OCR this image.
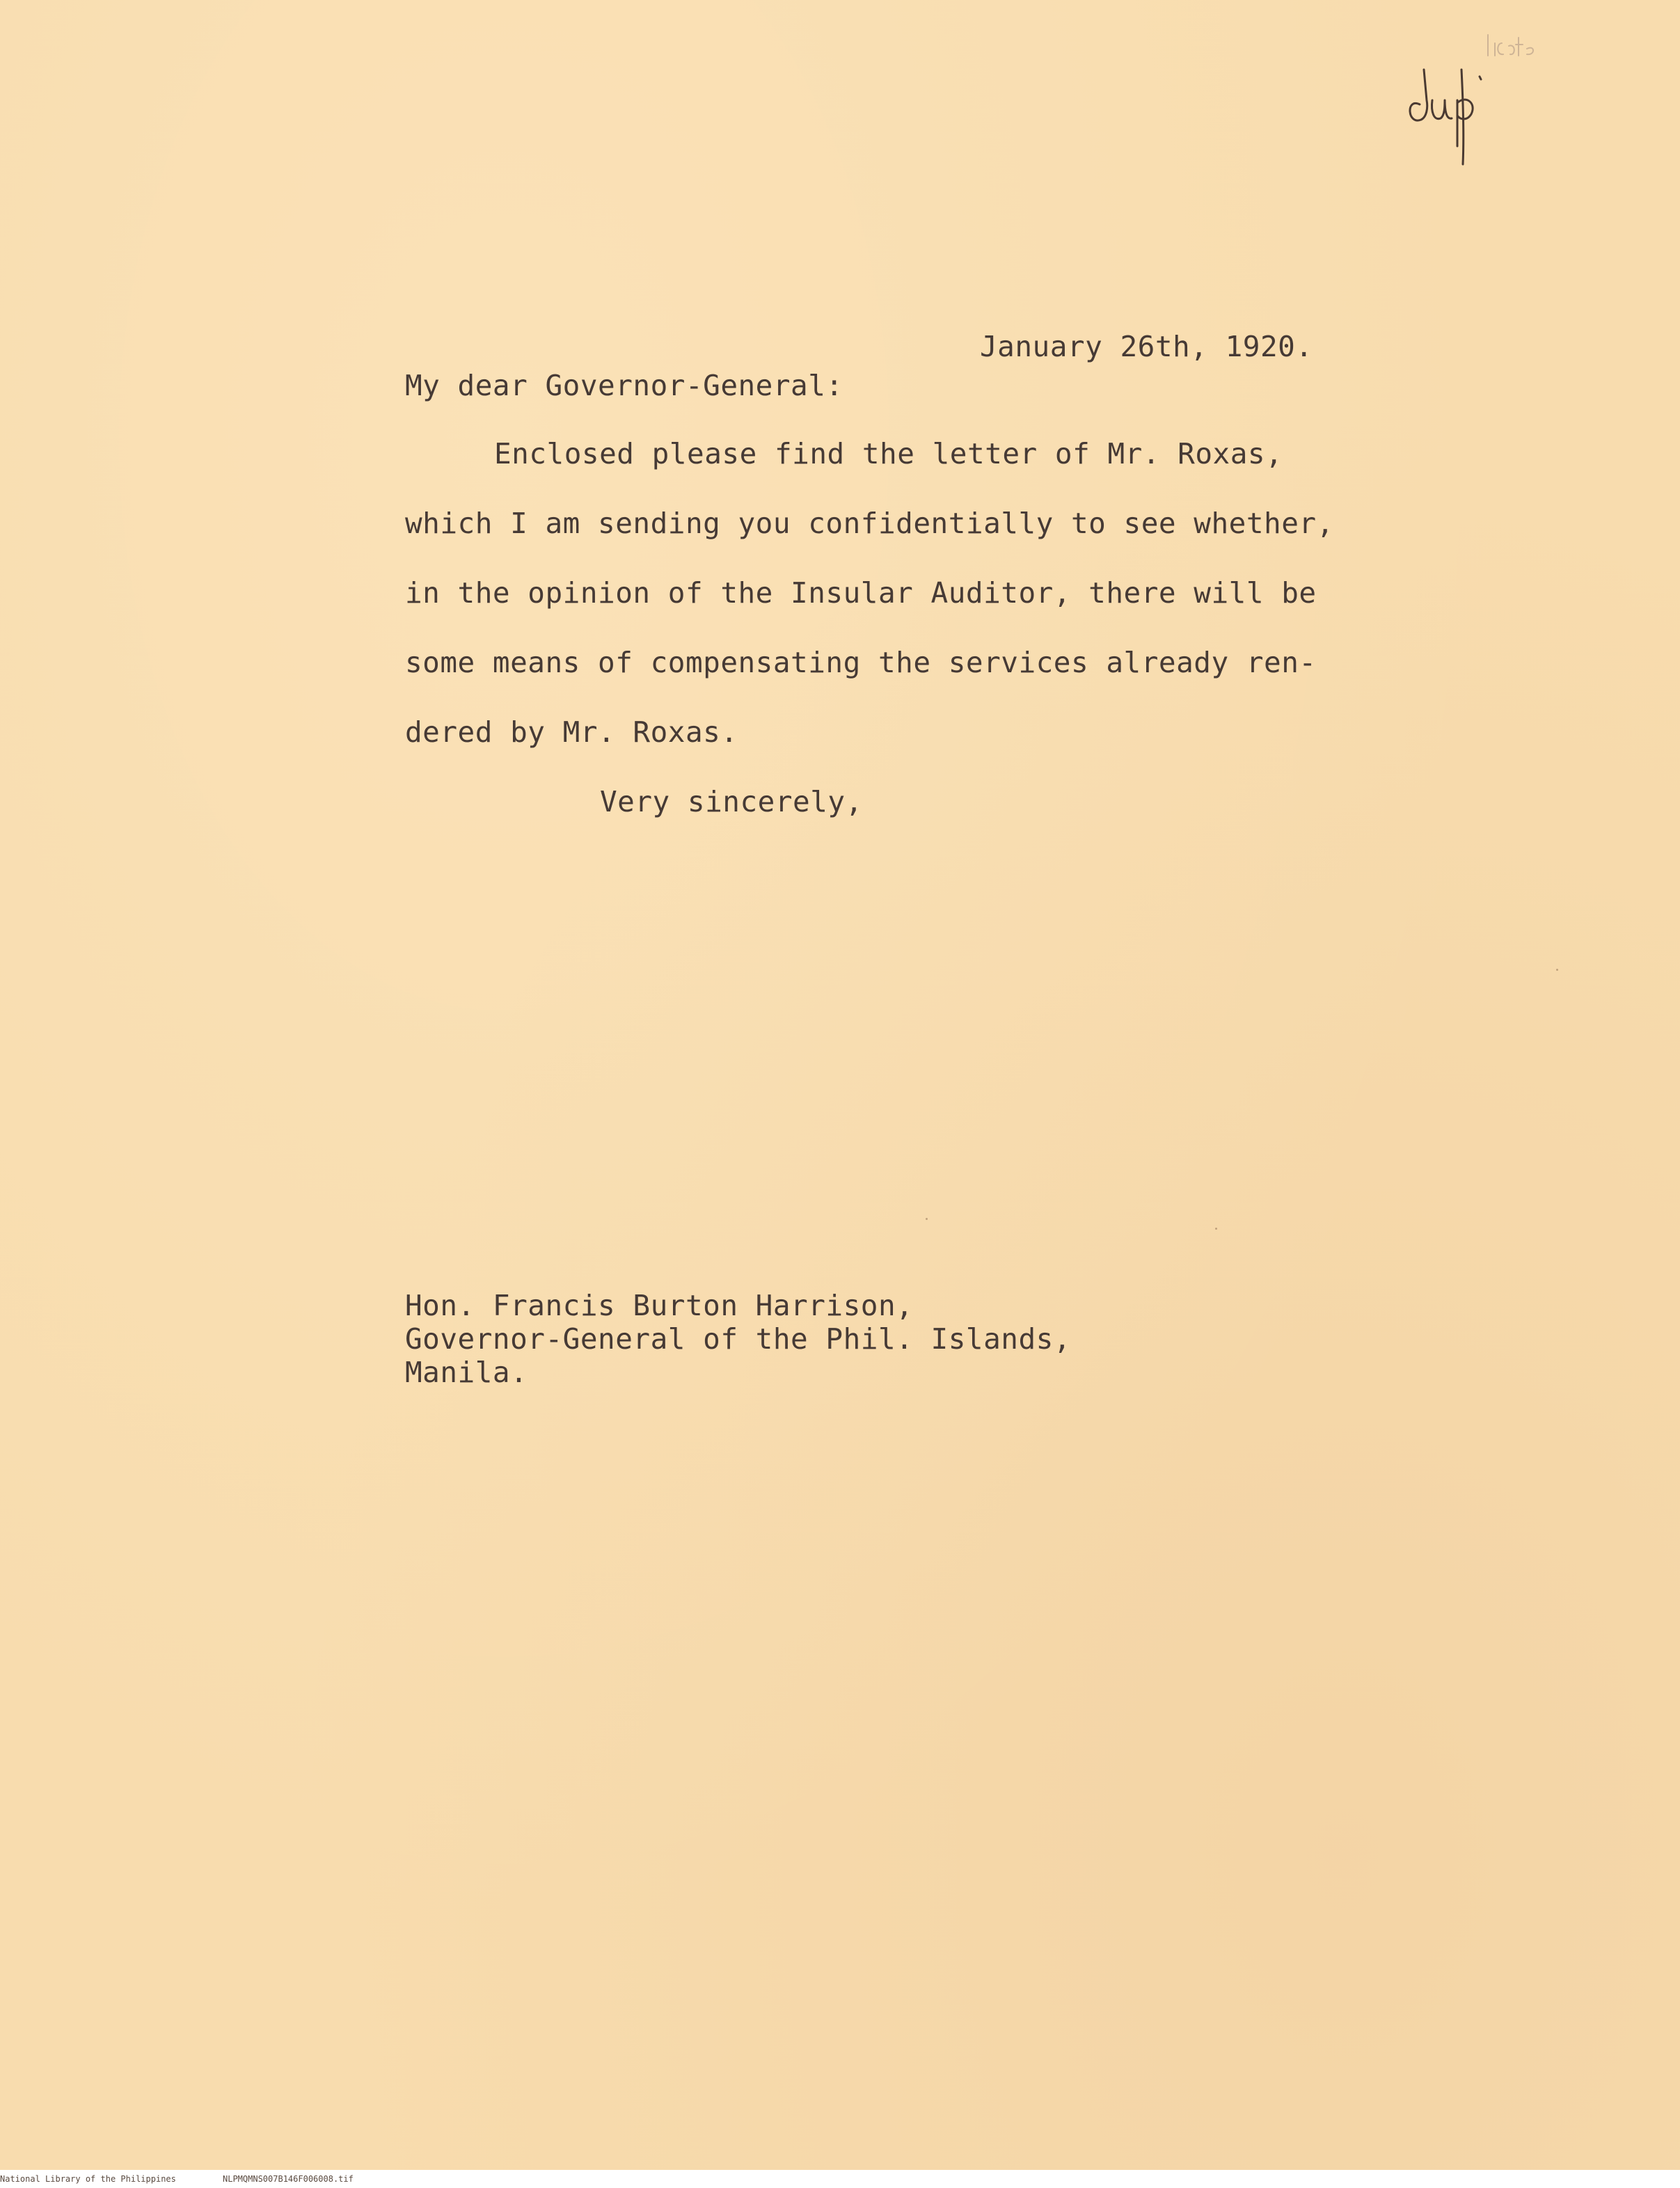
January 26th, 1920.
My dear Governor-General:
Enclosed please find the letter of Mr. Roxas,
which I am sending you confidentially to see whether,
in the opinion of the Insular Auditor, there will be
some means of compensating the services already ren-
dered by Mr. Roxas.
Very sincerely,
Hon. Francis Burton Harrison,
Governor-General of the Phil. Islands,
Manila.
National Library of the Philippines	NLPMQMNS007B146F006008.tif
